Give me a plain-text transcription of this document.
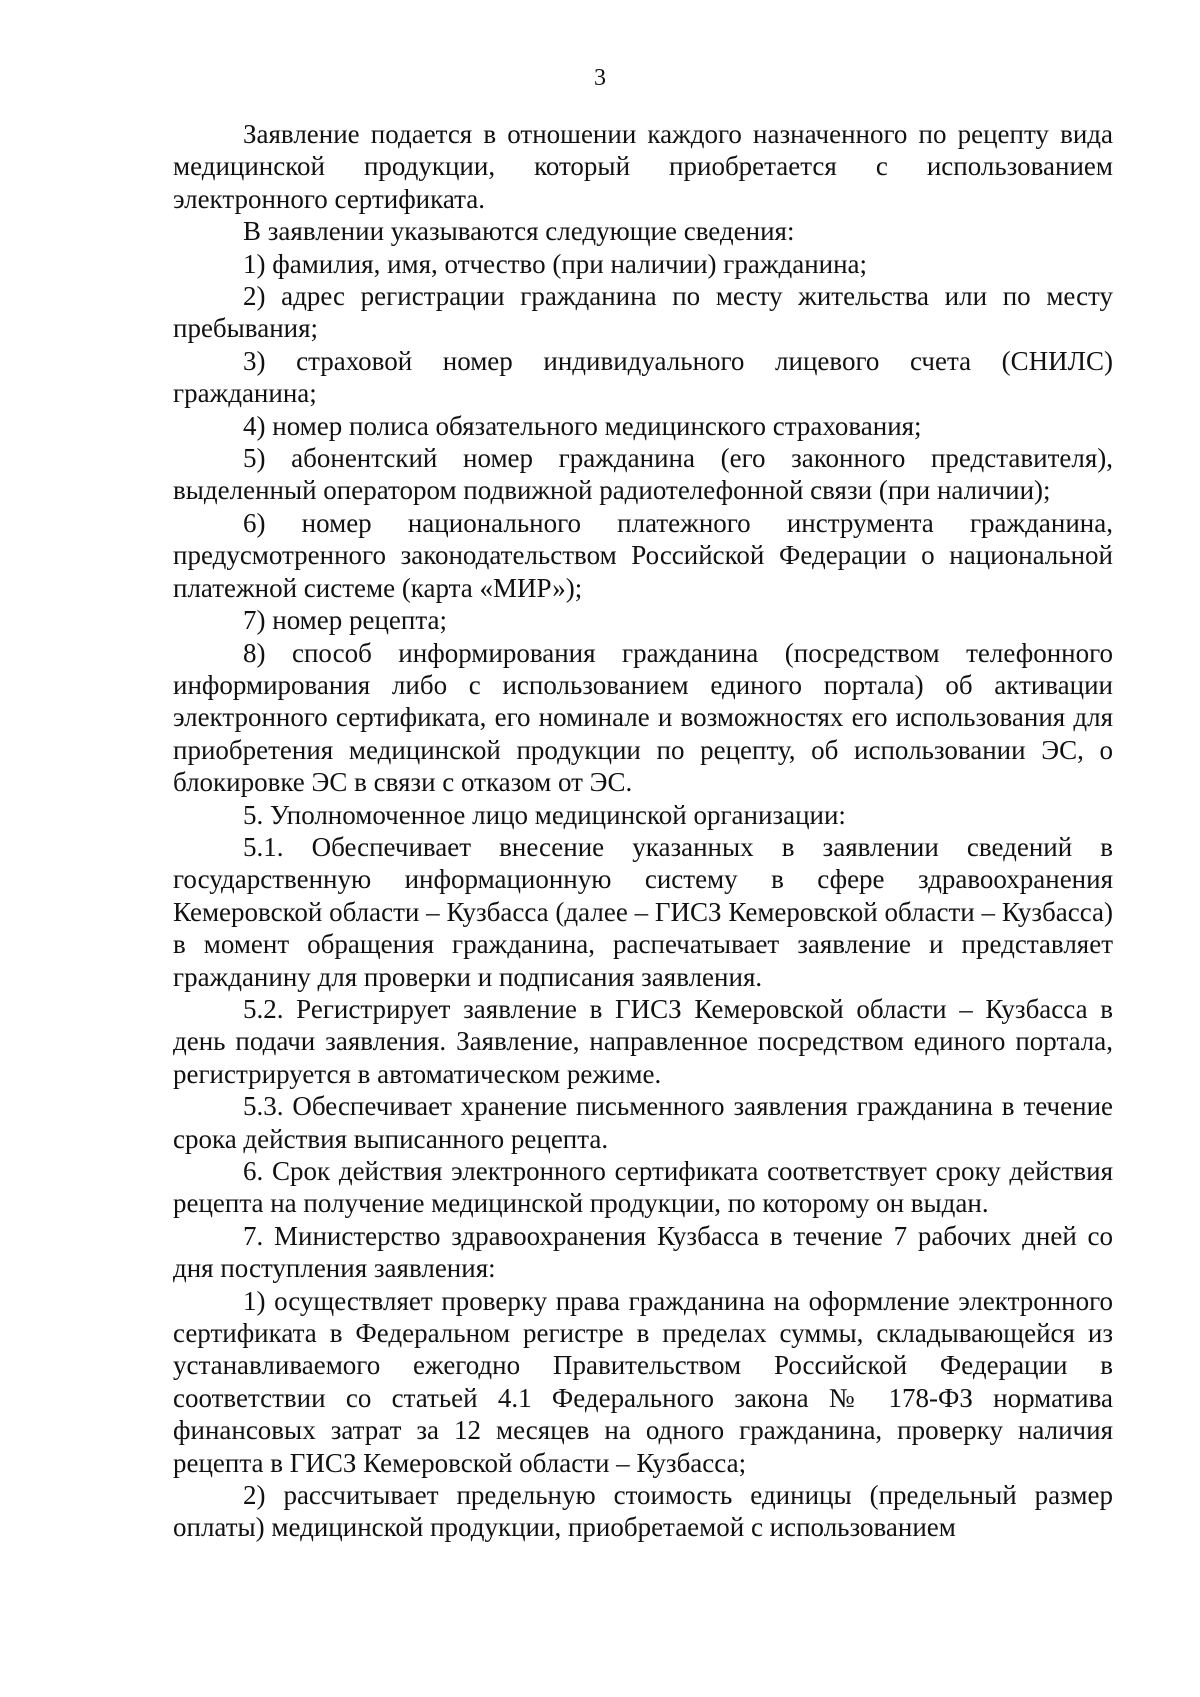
3

Заявление подается в отношении каждого назначенного по рецепту вида медицинской продукции, который приобретается с использованием электронного сертификата.

В заявлении указываются следующие сведения:

1) фамилия, имя, отчество (при наличии) гражданина;

2) адрес регистрации гражданина по месту жительства или по месту пребывания;

3) страховой номер индивидуального лицевого счета (СНИЛС) гражданина;

4) номер полиса обязательного медицинского страхования;

5) абонентский номер гражданина (его законного представителя), выделенный оператором подвижной радиотелефонной связи (при наличии);

6) номер национального платежного инструмента гражданина, предусмотренного законодательством Российской Федерации о национальной платежной системе (карта «МИР»);

7) номер рецепта;

8) способ информирования гражданина (посредством телефонного информирования либо с использованием единого портала) об активации электронного сертификата, его номинале и возможностях его использования для приобретения медицинской продукции по рецепту, об использовании ЭС, о блокировке ЭС в связи с отказом от ЭС.

5. Уполномоченное лицо медицинской организации:

5.1. Обеспечивает внесение указанных в заявлении сведений в государственную информационную систему в сфере здравоохранения Кемеровской области – Кузбасса (далее – ГИСЗ Кемеровской области – Кузбасса) в момент обращения гражданина, распечатывает заявление и представляет гражданину для проверки и подписания заявления.

5.2. Регистрирует заявление в ГИСЗ Кемеровской области – Кузбасса в день подачи заявления. Заявление, направленное посредством единого портала, регистрируется в автоматическом режиме.

5.3. Обеспечивает хранение письменного заявления гражданина в течение срока действия выписанного рецепта.

6. Срок действия электронного сертификата соответствует сроку действия рецепта на получение медицинской продукции, по которому он выдан.

7. Министерство здравоохранения Кузбасса в течение 7 рабочих дней со дня поступления заявления:

1) осуществляет проверку права гражданина на оформление электронного сертификата в Федеральном регистре в пределах суммы, складывающейся из устанавливаемого ежегодно Правительством Российской Федерации в соответствии со статьей 4.1 Федерального закона № 178-ФЗ норматива финансовых затрат за 12 месяцев на одного гражданина, проверку наличия рецепта в ГИСЗ Кемеровской области – Кузбасса;

2) рассчитывает предельную стоимость единицы (предельный размер оплаты) медицинской продукции, приобретаемой с использованием
